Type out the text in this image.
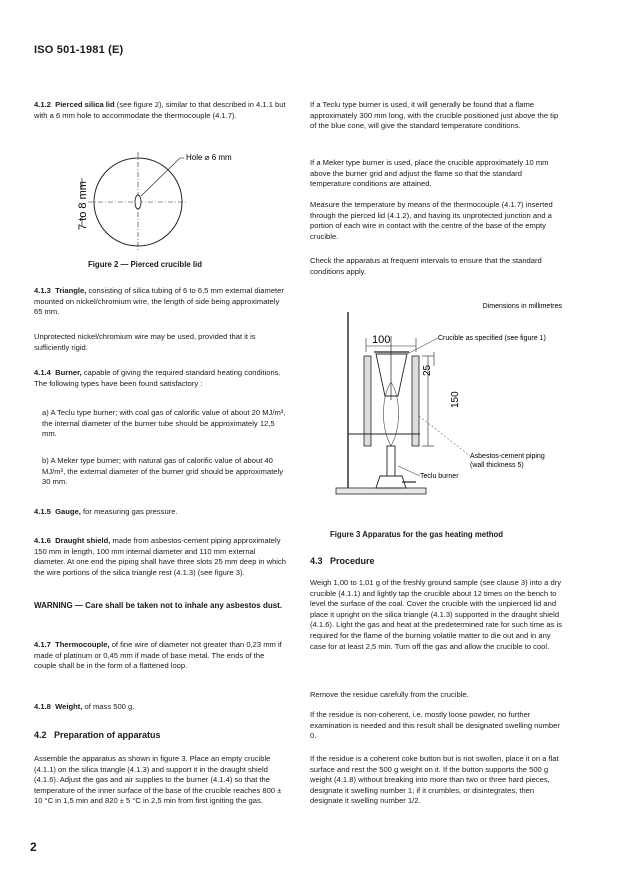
ISO 501-1981 (E)

4.1.2 Pierced silica lid (see figure 2), similar to that described in 4.1.1 but with a 6 mm hole to accommodate the thermocouple (4.1.7).

Hole ⌀ 6 mm
7 to 8 mm
Figure 2 — Pierced crucible lid

4.1.3 Triangle, consisting of silica tubing of 6 to 6,5 mm external diameter mounted on nickel/chromium wire, the length of side being approximately 65 mm.

Unprotected nickel/chromium wire may be used, provided that it is sufficiently rigid.

4.1.4 Burner, capable of giving the required standard heating conditions. The following types have been found satisfactory :

a) A Teclu type burner; with coal gas of calorific value of about 20 MJ/m³, the internal diameter of the burner tube should be approximately 12,5 mm.
b) A Meker type burner; with natural gas of calorific value of about 40 MJ/m³, the external diameter of the burner grid should be approximately 30 mm.

4.1.5 Gauge, for measuring gas pressure.

4.1.6 Draught shield, made from asbestos-cement piping approximately 150 mm in length, 100 mm internal diameter and 110 mm external diameter. At one end the piping shall have three slots 25 mm deep in which the wire portions of the silica triangle rest (4.1.3) (see figure 3).

WARNING — Care shall be taken not to inhale any asbestos dust.

4.1.7 Thermocouple, of fine wire of diameter not greater than 0,23 mm if made of platinum or 0,45 mm if made of base metal. The ends of the couple shall be in the form of a flattened loop.

4.1.8 Weight, of mass 500 g.

4.2 Preparation of apparatus
Assemble the apparatus as shown in figure 3. Place an empty crucible (4.1.1) on the silica triangle (4.1.3) and support it in the draught shield (4.1.6). Adjust the gas and air supplies to the burner (4.1.4) so that the temperature of the inner surface of the base of the crucible reaches 800 ± 10 °C in 1,5 min and 820 ± 5 °C in 2,5 min from first igniting the gas.
If a Teclu type burner is used, it will generally be found that a flame approximately 300 mm long, with the crucible positioned just above the tip of the blue cone, will give the standard temperature conditions.
If a Meker type burner is used, place the crucible approximately 10 mm above the burner grid and adjust the flame so that the standard temperature conditions are attained.
Measure the temperature by means of the thermocouple (4.1.7) inserted through the pierced lid (4.1.2), and having its unprotected junction and a portion of each wire in contact with the centre of the base of the empty crucible.
Check the apparatus at frequent intervals to ensure that the standard conditions apply.
Dimensions in millimetres
100
25
150
Crucible as specified (see figure 1)
Asbestos-cement piping
(wall thickness 5)
Teclu burner
Figure 3 Apparatus for the gas heating method
4.3 Procedure
Weigh 1,00 to 1,01 g of the freshly ground sample (see clause 3) into a dry crucible (4.1.1) and lightly tap the crucible about 12 times on the bench to level the surface of the coal. Cover the crucible with the unpierced lid and place it upright on the silica triangle (4.1.3) supported in the draught shield (4.1.6). Light the gas and heat at the predetermined rate for such time as is required for the flame of the burning volatile matter to die out and in any case for at least 2,5 min. Turn off the gas and allow the crucible to cool.
Remove the residue carefully from the crucible.
If the residue is non-coherent, i.e. mostly loose powder, no further examination is needed and this result shall be designated swelling number 0.
If the residue is a coherent coke button but is not swollen, place it on a flat surface and rest the 500 g weight on it. If the button supports the 500 g weight (4.1.8) without breaking into more than two or three hard pieces, designate it swelling number 1; if it crumbles, or disintegrates, then designate it swelling number 1/2.
2
